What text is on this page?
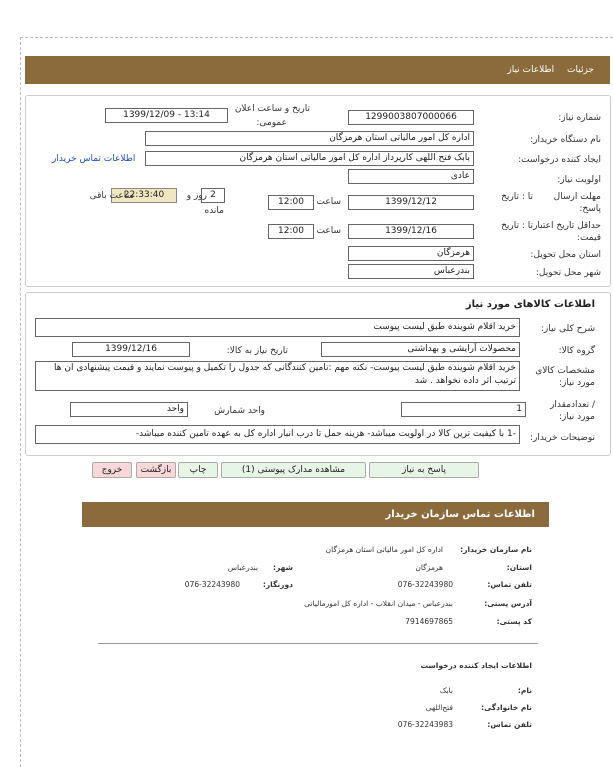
جزئیات اطلاعات نیاز
شماره نیاز:
1299003807000066
تاریخ و ساعت اعلان
عمومی:
1399/12/09 - 13:14
نام دستگاه خریدار:
اداره کل امور مالیاتی استان هرمزگان
ایجاد کننده درخواست:
بابک فتح اللهی کارپرداز اداره کل امور مالیاتی استان هرمزگان
اطلاعات تماس خریدار
اولویت نیاز:
عادی
مهلت ارسال
پاسخ:
تا : تاریخ
1399/12/12
ساعت
12:00
2
روز و
مانده
22:33:40
ساعت باقی
حداقل تاریخ اعتبار
قیمت:
تا : تاریخ
1399/12/16
ساعت
12:00
استان محل تحویل:
هرمزگان
شهر محل تحویل:
بندرعباس
اطلاعات کالاهای مورد نیاز
شرح کلی نیاز:
خرید اقلام شوینده طبق لیست پیوست
گروه کالا:
محصولات آرایشی و بهداشتی
تاریخ نیاز به کالا:
1399/12/16
مشخصات کالای
مورد نیاز:
خرید اقلام شوینده طبق لیست پیوست- نکته مهم :تامین کنندگانی که جدول را تکمیل و پیوست نمایند و قیمت پیشنهادی ان ها ترتیب اثر داده نخواهد . شد
/ تعدادمقدار
مورد نیاز:
1
واحد شمارش
واحد
توضیحات خریدار:
-1 با کیفیت ترین کالا در اولویت میباشد- هزینه حمل تا درب انبار اداره کل به عهده تامین کننده میباشد-
پاسخ به نیاز
مشاهده مدارک پیوستی (1)
چاپ
بازگشت
خروج
اطلاعات تماس سازمان خریدار
نام سازمان خریدار:
اداره کل امور مالیاتی استان هرمزگان
استان:
هرمزگان
شهر:
بندرعباس
تلفن تماس:
076-32243980
دورنگار:
076-32243980
آدرس پستی:
بندرعباس - میدان انقلاب - اداره کل امورمالیاتی
کد پستی:
7914697865
اطلاعات ایجاد کننده درخواست
نام:
بابک
نام خانوادگی:
فتح‌اللهی
تلفن تماس:
076-32243983
